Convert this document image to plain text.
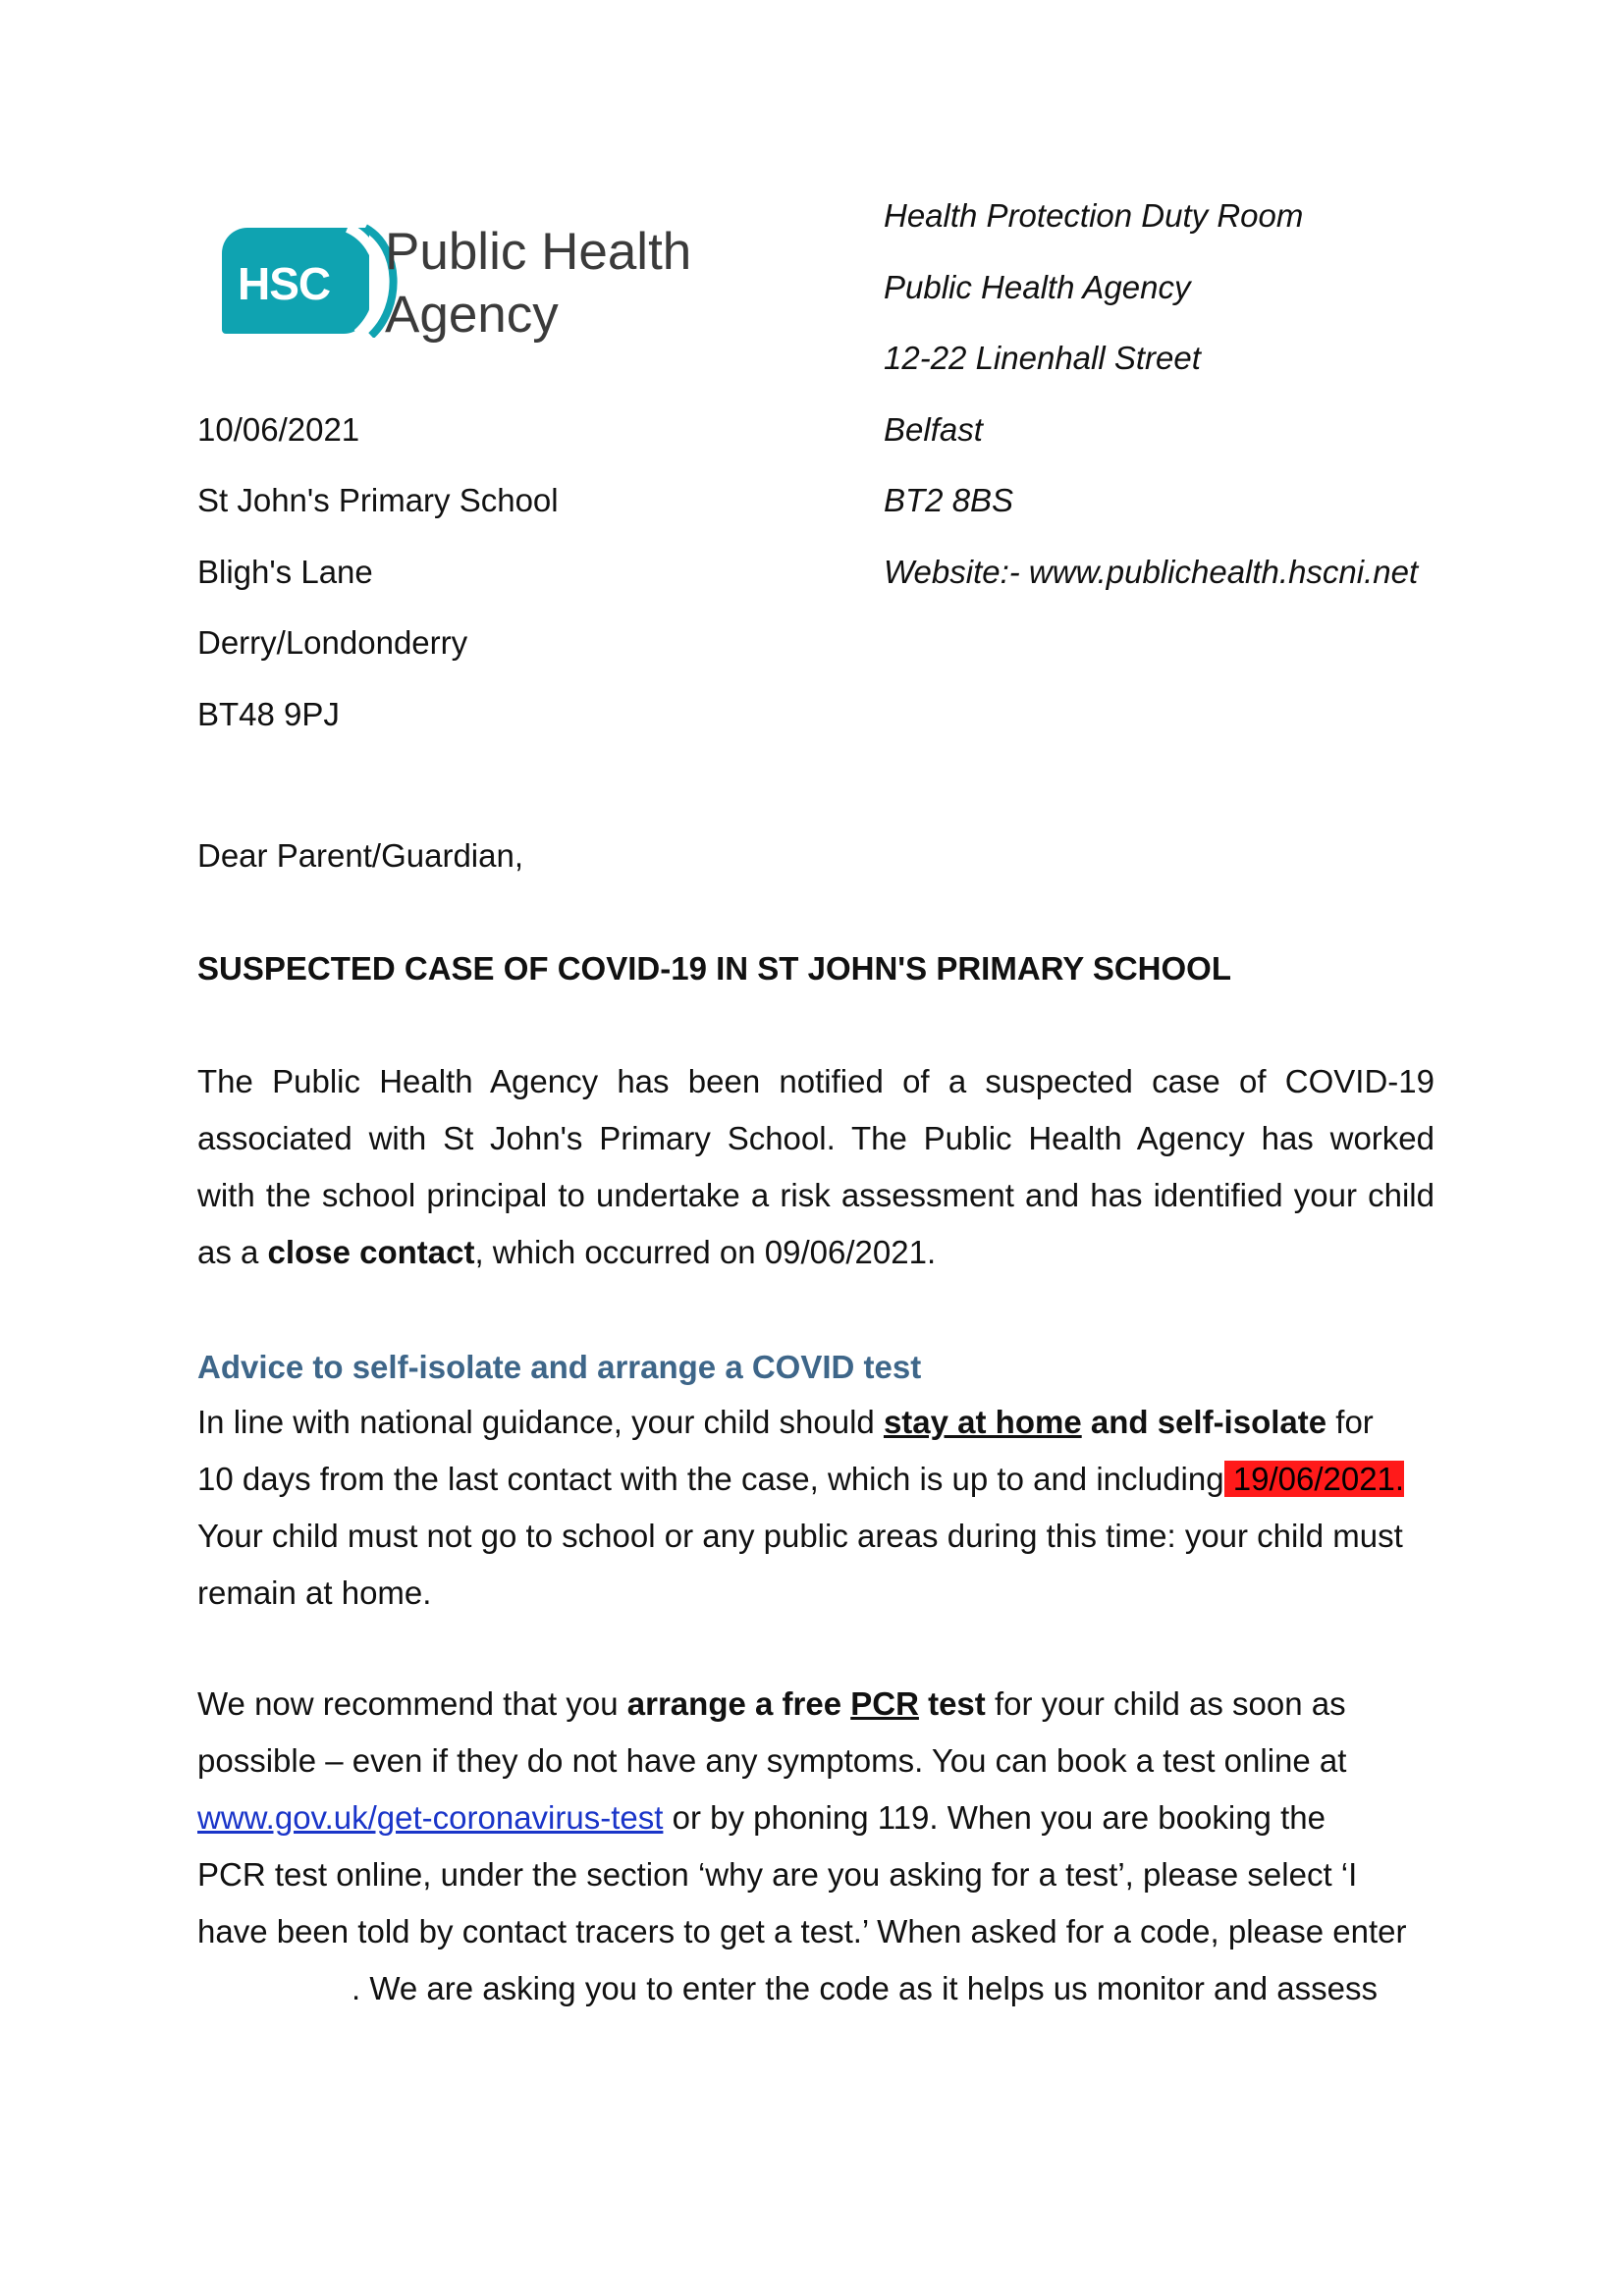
HSC
Public Health
Agency
Health Protection Duty Room
Public Health Agency
12-22 Linenhall Street
Belfast
BT2 8BS
Website:- www.publichealth.hscni.net
10/06/2021
St John's Primary School
Bligh's Lane
Derry/Londonderry
BT48 9PJ
Dear Parent/Guardian,
SUSPECTED CASE OF COVID-19 IN ST JOHN'S PRIMARY SCHOOL
The Public Health Agency has been notified of a suspected case of COVID-19
associated with St John's Primary School. The Public Health Agency has worked
with the school principal to undertake a risk assessment and has identified your child
as a close contact, which occurred on 09/06/2021.
Advice to self-isolate and arrange a COVID test
In line with national guidance, your child should stay at home and self-isolate for
10 days from the last contact with the case, which is up to and including 19/06/2021.
Your child must not go to school or any public areas during this time: your child must
remain at home.
We now recommend that you arrange a free PCR test for your child as soon as
possible – even if they do not have any symptoms. You can book a test online at
www.gov.uk/get-coronavirus-test or by phoning 119. When you are booking the
PCR test online, under the section ‘why are you asking for a test’, please select ‘I
have been told by contact tracers to get a test.’ When asked for a code, please enter
. We are asking you to enter the code as it helps us monitor and assess
